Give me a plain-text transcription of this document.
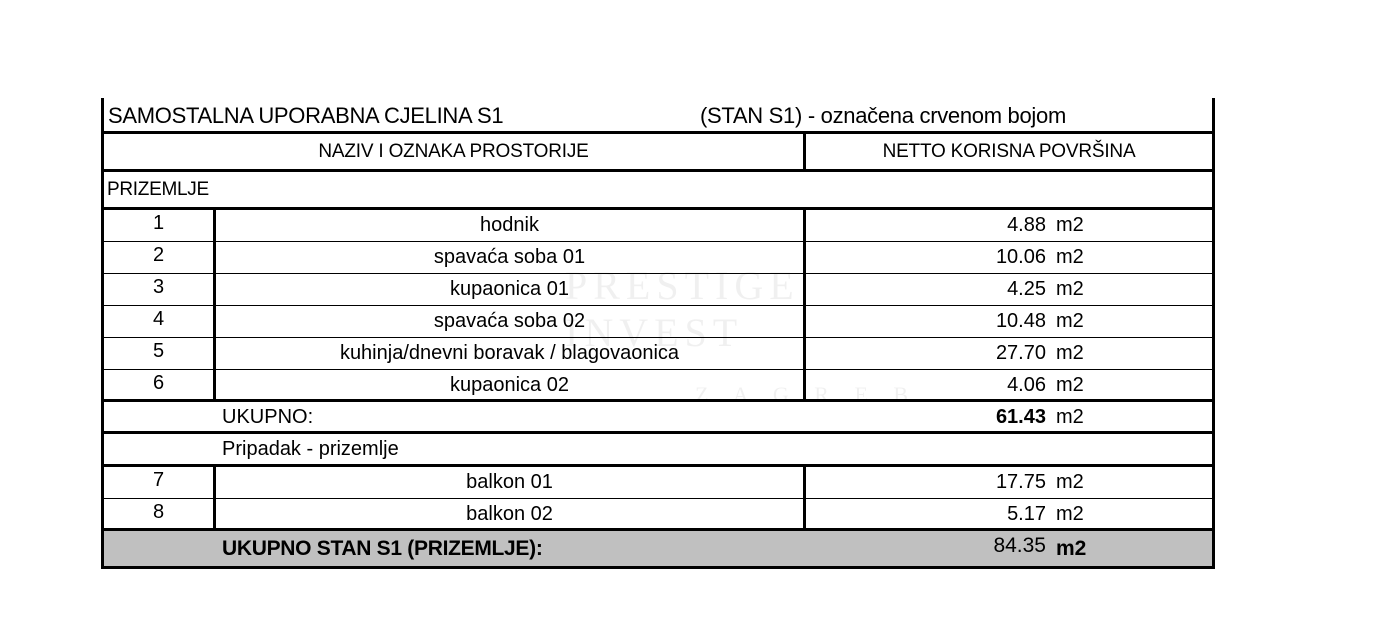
SAMOSTALNA UPORABNA CJELINA S1	(STAN S1) - označena crvenom bojom
NAZIV I OZNAKA PROSTORIJE	NETTO KORISNA POVRŠINA
PRIZEMLJE
1	hodnik	4.88 m2
2	spavaća soba 01	10.06 m2
3	kupaonica 01	4.25 m2
4	spavaća soba 02	10.48 m2
5	kuhinja/dnevni boravak / blagovaonica	27.70 m2
6	kupaonica 02	4.06 m2
UKUPNO:	61.43 m2
Pripadak - prizemlje
7	balkon 01	17.75 m2
8	balkon 02	5.17 m2
UKUPNO STAN S1 (PRIZEMLJE):	84.35 m2
PRESTIGE INVEST
Z A G R E B
